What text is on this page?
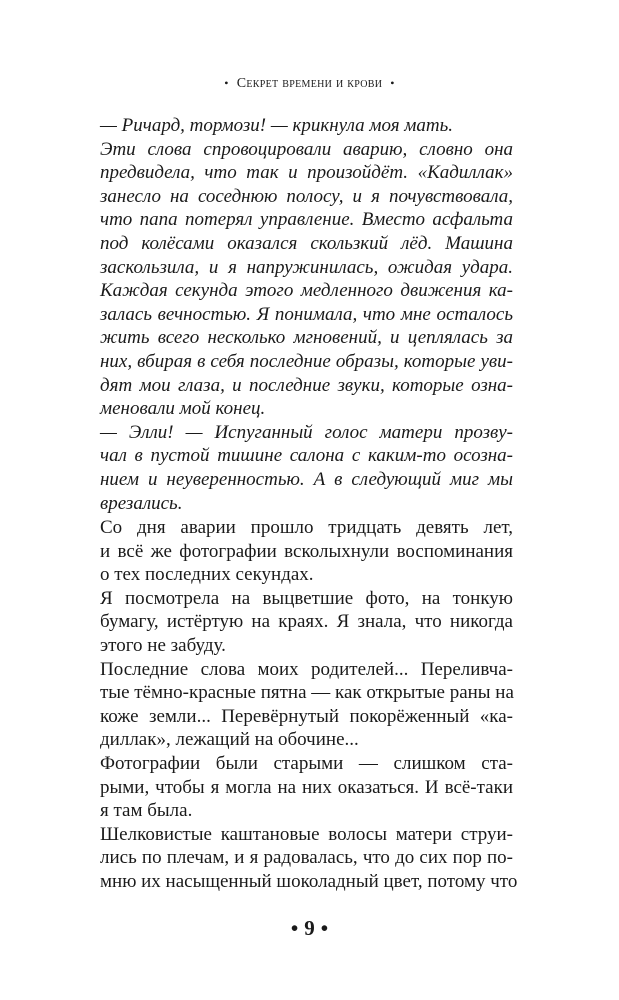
• Секрет времени и крови •
— Ричард, тормози! — крикнула моя мать.
Эти слова спровоцировали аварию, словно она
предвидела, что так и произойдёт. «Кадиллак»
занесло на соседнюю полосу, и я почувствовала,
что папа потерял управление. Вместо асфальта
под колёсами оказался скользкий лёд. Машина
заскользила, и я напружинилась, ожидая удара.
Каждая секунда этого медленного движения ка-
залась вечностью. Я понимала, что мне осталось
жить всего несколько мгновений, и цеплялась за
них, вбирая в себя последние образы, которые уви-
дят мои глаза, и последние звуки, которые озна-
меновали мой конец.
— Элли! — Испуганный голос матери прозву-
чал в пустой тишине салона с каким-то осозна-
нием и неуверенностью. А в следующий миг мы
врезались.
Со дня аварии прошло тридцать девять лет,
и всё же фотографии всколыхнули воспоминания
о тех последних секундах.
Я посмотрела на выцветшие фото, на тонкую
бумагу, истёртую на краях. Я знала, что никогда
этого не забуду.
Последние слова моих родителей... Переливча-
тые тёмно-красные пятна — как открытые раны на
коже земли... Перевёрнутый покорёженный «ка-
диллак», лежащий на обочине...
Фотографии были старыми — слишком ста-
рыми, чтобы я могла на них оказаться. И всё-таки
я там была.
Шелковистые каштановые волосы матери струи-
лись по плечам, и я радовалась, что до сих пор по-
мню их насыщенный шоколадный цвет, потому что
• 9 •
